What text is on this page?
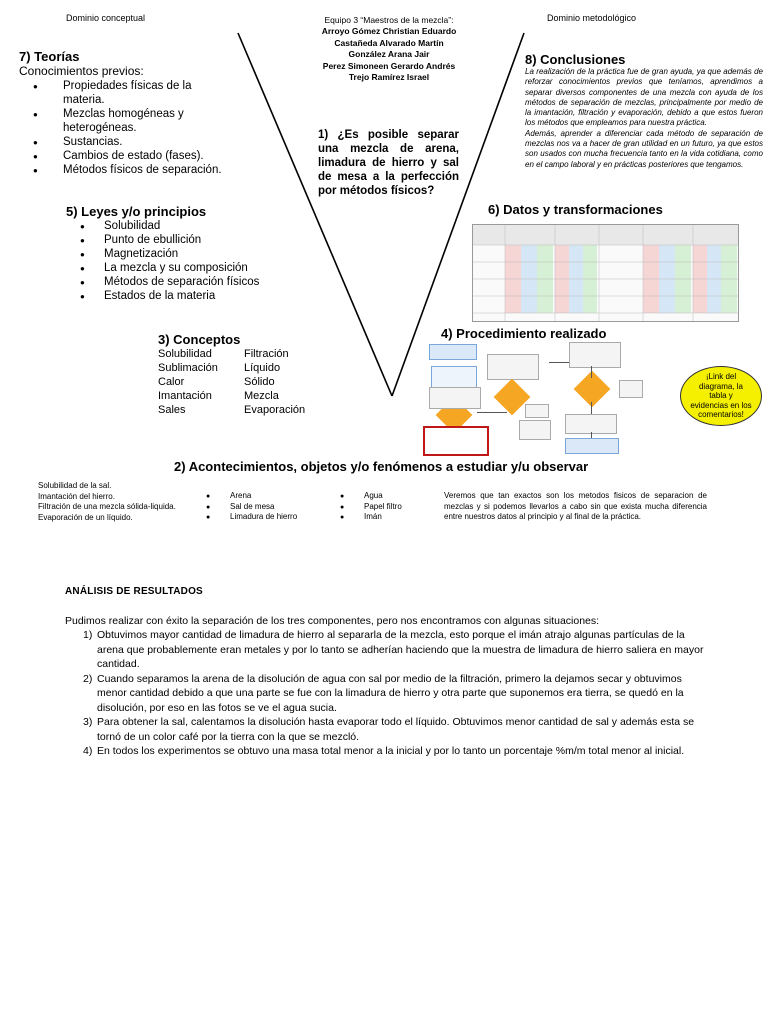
Dominio conceptual	Dominio metodológico
Equipo 3 “Maestros de la mezcla”:
Arroyo Gómez Christian Eduardo
Castañeda Alvarado Martín
González Arana Jair
Perez Simoneen Gerardo Andrés
Trejo Ramírez Israel
7) Teorías
Conocimientos previos:
● Propiedades físicas de la materia.
● Mezclas homogéneas y heterogéneas.
● Sustancias.
● Cambios de estado (fases).
● Métodos físicos de separación.
5) Leyes y/o principios
● Solubilidad
● Punto de ebullición
● Magnetización
● La mezcla y su composición
● Métodos de separación físicos
● Estados de la materia
3) Conceptos
Solubilidad	Filtración
Sublimación	Líquido
Calor	Sólido
Imantación	Mezcla
Sales	Evaporación
1) ¿Es posible separar una mezcla de arena, limadura de hierro y sal de mesa a la perfección por métodos físicos?
8) Conclusiones
La realización de la práctica fue de gran ayuda, ya que además de reforzar conocimientos previos que teníamos, aprendimos a separar diversos componentes de una mezcla con ayuda de los métodos de separación de mezclas, principalmente por medio de la imantación, filtración y evaporación, debido a que estos fueron los métodos que empleamos para nuestra práctica.
Además, aprender a diferenciar cada método de separación de mezclas nos va a hacer de gran utilidad en un futuro, ya que estos son usados con mucha frecuencia tanto en la vida cotidiana, como en el campo laboral y en prácticas posteriores que tengamos.
6) Datos y transformaciones
4) Procedimiento realizado
¡Link del diagrama, la tabla y evidencias en los comentarios!
2) Acontecimientos, objetos y/o fenómenos a estudiar y/u observar
Solubilidad de la sal.
Imantación del hierro.
Filtración de una mezcla sólida-liquida.
Evaporación de un líquido.
● Arena
● Sal de mesa
● Limadura de hierro
● Agua
● Papel filtro
● Imán
Veremos que tan exactos son los metodos fisicos de separacion de mezclas y si podemos llevarlos a cabo sin que exista mucha diferencia entre nuestros datos al principio y al final de la práctica.
ANÁLISIS DE RESULTADOS
Pudimos realizar con éxito la separación de los tres componentes, pero nos encontramos con algunas situaciones:
1) Obtuvimos mayor cantidad de limadura de hierro al separarla de la mezcla, esto porque el imán atrajo algunas partículas de la arena que probablemente eran metales y por lo tanto se adherían haciendo que la muestra de limadura de hierro saliera en mayor cantidad.
2) Cuando separamos la arena de la disolución de agua con sal por medio de la filtración, primero la dejamos secar y obtuvimos menor cantidad debido a que una parte se fue con la limadura de hierro y otra parte que suponemos era tierra, se quedó en la disolución, por eso en las fotos se ve el agua sucia.
3) Para obtener la sal, calentamos la disolución hasta evaporar todo el líquido. Obtuvimos menor cantidad de sal y además esta se tornó de un color café por la tierra con la que se mezcló.
4) En todos los experimentos se obtuvo una masa total menor a la inicial y por lo tanto un porcentaje %m/m total menor al inicial.
